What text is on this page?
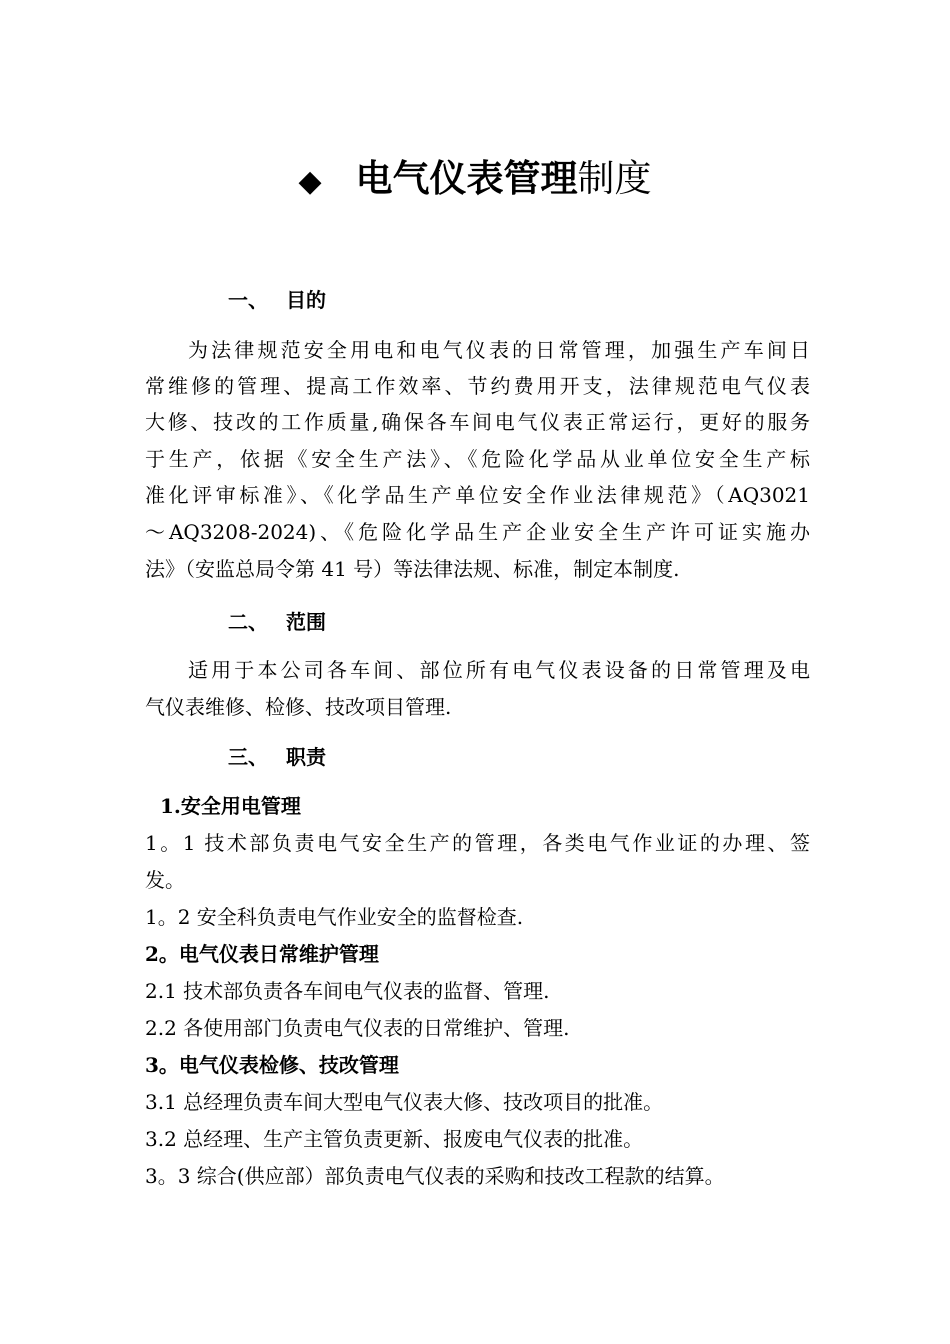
◆ 电气仪表管理制度
一、 目的
为法律规范安全用电和电气仪表的日常管理，加强生产车间日
常维修的管理、提高工作效率、节约费用开支，法律规范电气仪表
大修、技改的工作质量,确保各车间电气仪表正常运行，更好的服务
于生产，依据《安全生产法》、《危险化学品从业单位安全生产标
准化评审标准》、《化学品生产单位安全作业法律规范》（AQ3021
～AQ3208-2024)、《危险化学品生产企业安全生产许可证实施办
法》（安监总局令第 41 号）等法律法规、标准，制定本制度.
二、 范围
适用于本公司各车间、部位所有电气仪表设备的日常管理及电
气仪表维修、检修、技改项目管理.
三、 职责
1.安全用电管理
1。1 技术部负责电气安全生产的管理，各类电气作业证的办理、签
发。
1。2 安全科负责电气作业安全的监督检查.
2。电气仪表日常维护管理
2.1 技术部负责各车间电气仪表的监督、管理.
2.2 各使用部门负责电气仪表的日常维护、管理.
3。电气仪表检修、技改管理
3.1 总经理负责车间大型电气仪表大修、技改项目的批准。
3.2 总经理、生产主管负责更新、报废电气仪表的批准。
3。3 综合(供应部）部负责电气仪表的采购和技改工程款的结算。
